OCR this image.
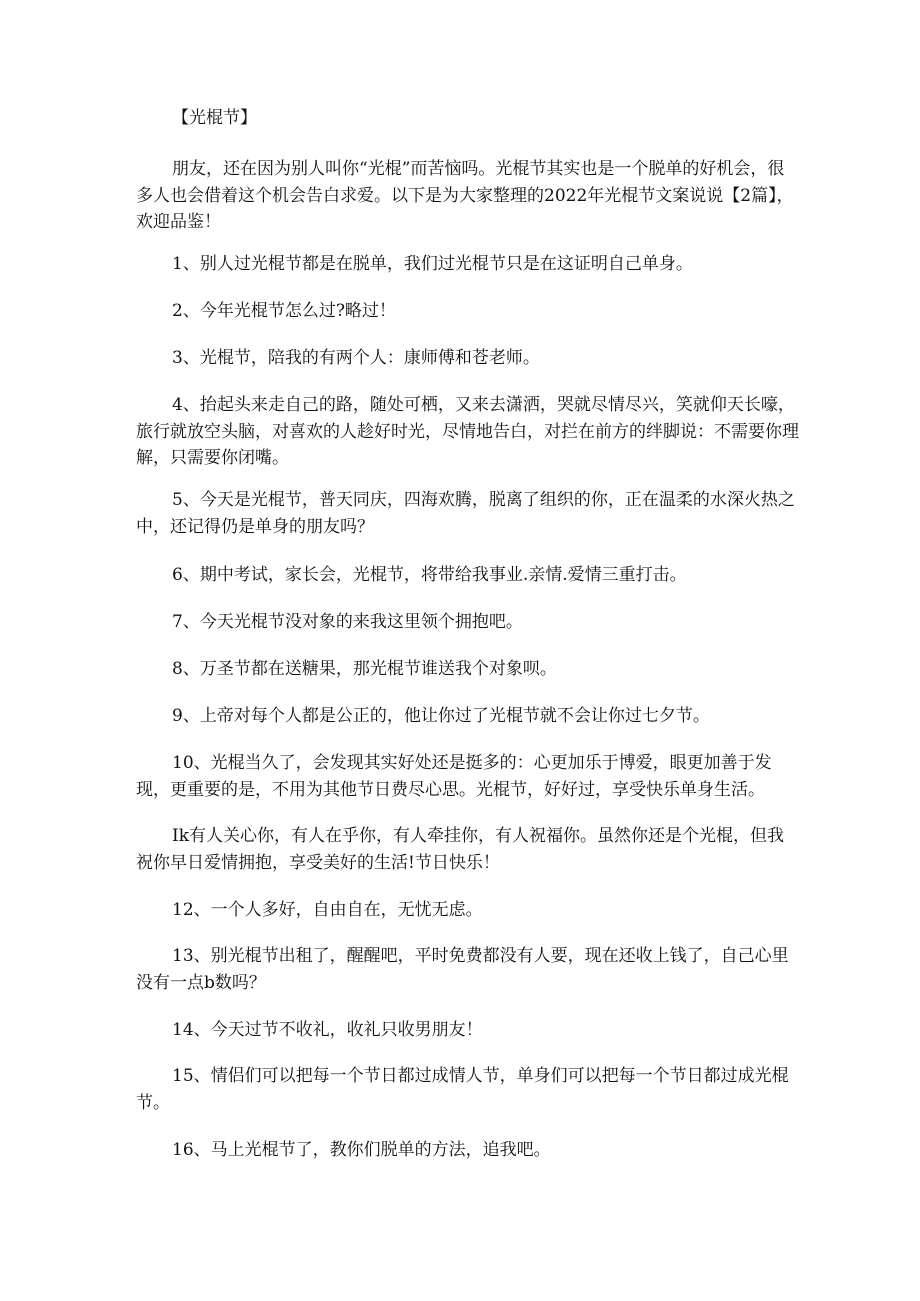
【光棍节】

朋友，还在因为别人叫你“光棍”而苦恼吗。光棍节其实也是一个脱单的好机会，很多人也会借着这个机会告白求爱。以下是为大家整理的2022年光棍节文案说说【2篇】，欢迎品鉴！

1、别人过光棍节都是在脱单，我们过光棍节只是在这证明自己单身。

2、今年光棍节怎么过?略过！

3、光棍节，陪我的有两个人：康师傅和苍老师。

4、抬起头来走自己的路，随处可栖，又来去潇洒，哭就尽情尽兴，笑就仰天长嚎，旅行就放空头脑，对喜欢的人趁好时光，尽情地告白，对拦在前方的绊脚说：不需要你理解，只需要你闭嘴。

5、今天是光棍节，普天同庆，四海欢腾，脱离了组织的你，正在温柔的水深火热之中，还记得仍是单身的朋友吗？

6、期中考试，家长会，光棍节，将带给我事业.亲情.爱情三重打击。

7、今天光棍节没对象的来我这里领个拥抱吧。

8、万圣节都在送糖果，那光棍节谁送我个对象呗。

9、上帝对每个人都是公正的，他让你过了光棍节就不会让你过七夕节。

10、光棍当久了，会发现其实好处还是挺多的：心更加乐于博爱，眼更加善于发现，更重要的是，不用为其他节日费尽心思。光棍节，好好过，享受快乐单身生活。

Ik有人关心你，有人在乎你，有人牵挂你，有人祝福你。虽然你还是个光棍，但我祝你早日爱情拥抱，享受美好的生活!节日快乐！

12、一个人多好，自由自在，无忧无虑。

13、别光棍节出租了，醒醒吧，平时免费都没有人要，现在还收上钱了，自己心里没有一点b数吗？

14、今天过节不收礼，收礼只收男朋友！

15、情侣们可以把每一个节日都过成情人节，单身们可以把每一个节日都过成光棍节。

16、马上光棍节了，教你们脱单的方法，追我吧。
